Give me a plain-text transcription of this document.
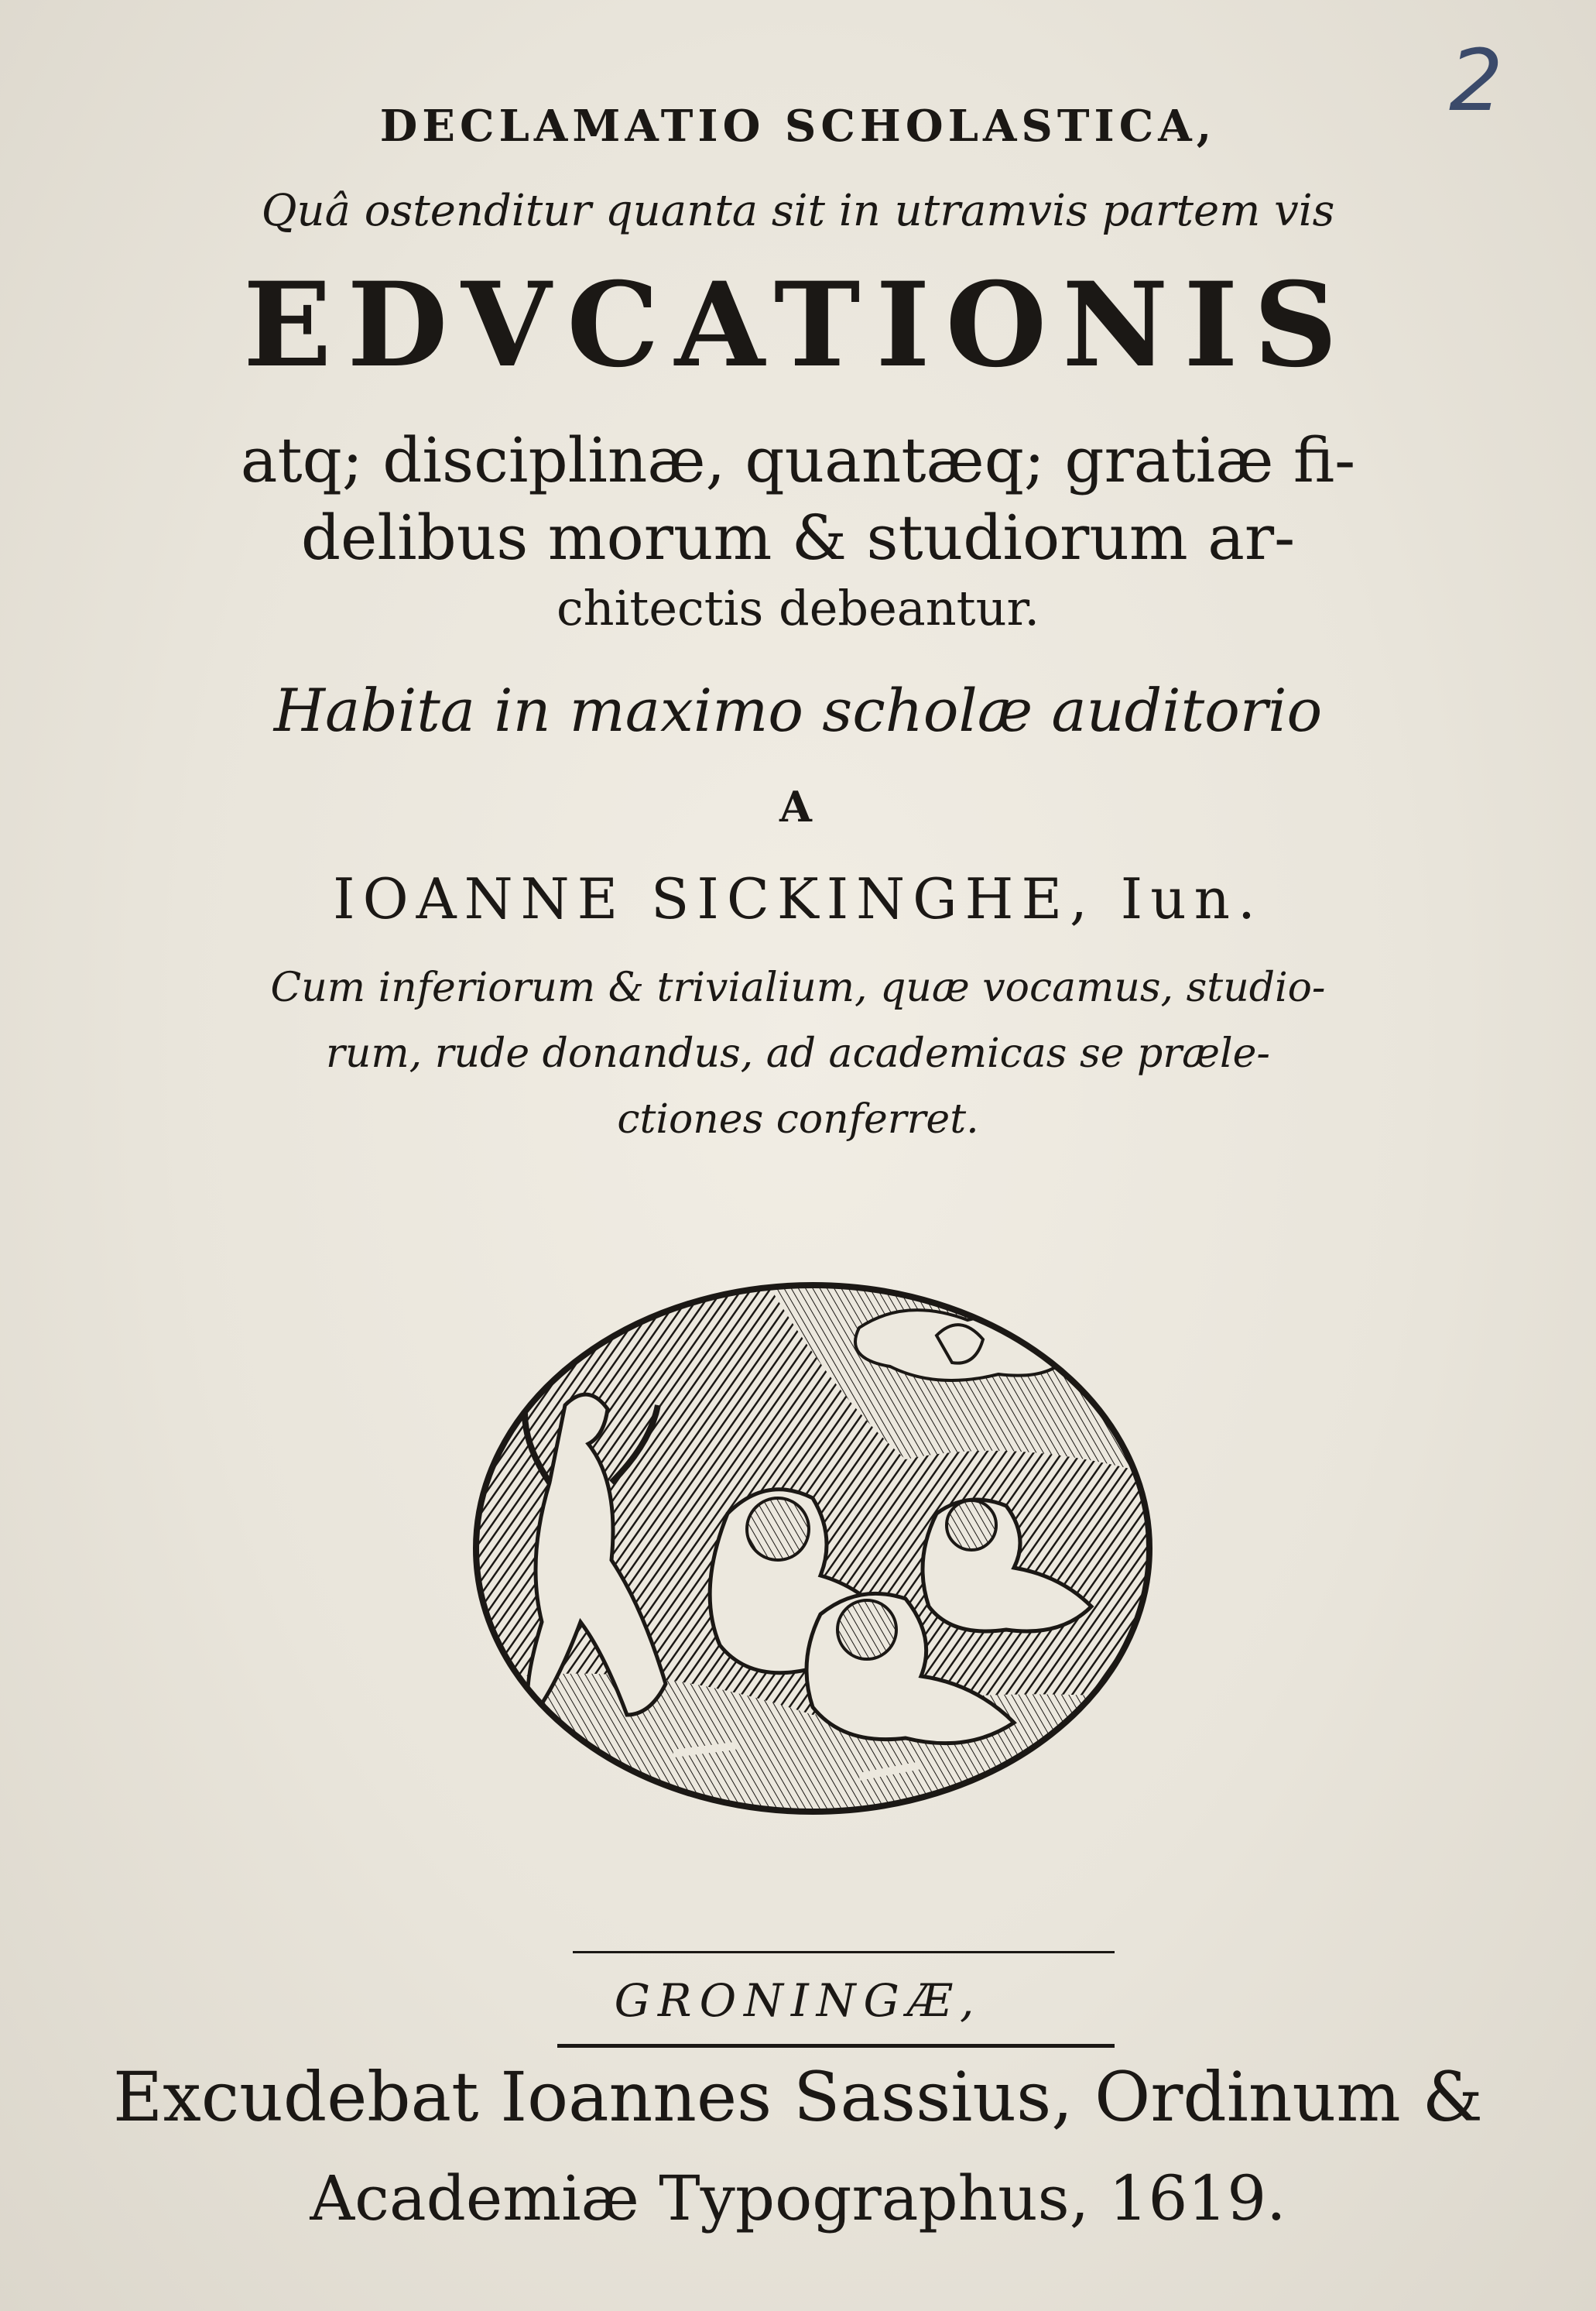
2
DECLAMATIO SCHOLASTICA,
Quâ ostenditur quanta sit in utramvis partem vis
EDVCATIONIS
atq; disciplinæ, quantæq; gratiæ fi-
delibus morum & studiorum ar-
chitectis debeantur.
Habita in maximo scholæ auditorio
A
IOANNE SICKINGHE, Iun.
Cum inferiorum & trivialium, quæ vocamus, studio-
rum, rude donandus, ad academicas se præle-
ctiones conferret.
GRONINGÆ,
Excudebat Ioannes Sassius, Ordinum &
Academiæ Typographus, 1619.
